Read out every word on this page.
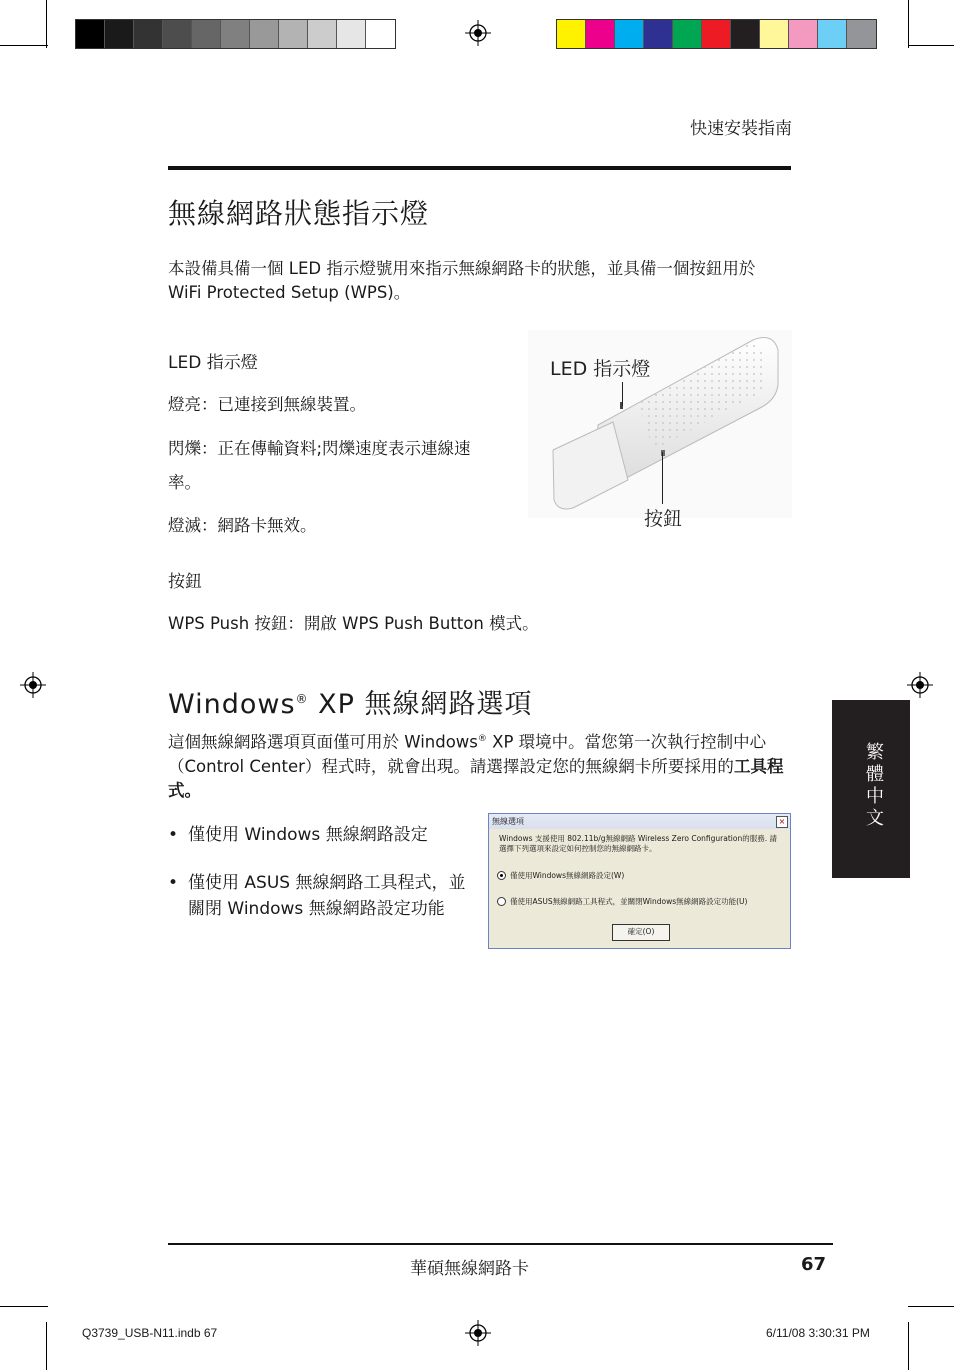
快速安裝指南
無線網路狀態指示燈
本設備具備一個 LED 指示燈號用來指示無線網路卡的狀態，並具備一個按鈕用於 WiFi Protected Setup (WPS)。
LED 指示燈
燈亮：已連接到無線裝置。
閃爍：正在傳輸資料;閃爍速度表示連線速率。
燈滅：網路卡無效。
按鈕
WPS Push 按鈕：開啟 WPS Push Button 模式。
LED 指示燈
按鈕
Windows® XP 無線網路選項
這個無線網路選項頁面僅可用於 Windows® XP 環境中。當您第一次執行控制中心（Control Center）程式時，就會出現。請選擇設定您的無線網卡所要採用的工具程式。
• 僅使用 Windows 無線網路設定
• 僅使用 ASUS 無線網路工具程式，並關閉 Windows 無線網路設定功能
無線選項	×
Windows 支援使用 802.11b/g無線網路 Wireless Zero Configuration的服務. 請選擇下列選項來設定如何控制您的無線網路卡。
僅使用Windows無線網路設定(W)
僅使用ASUS無線網路工具程式，並關閉Windows無線網路設定功能(U)
確定(O)
繁體中文
華碩無線網路卡	67
Q3739_USB-N11.indb 67	6/11/08 3:30:31 PM
